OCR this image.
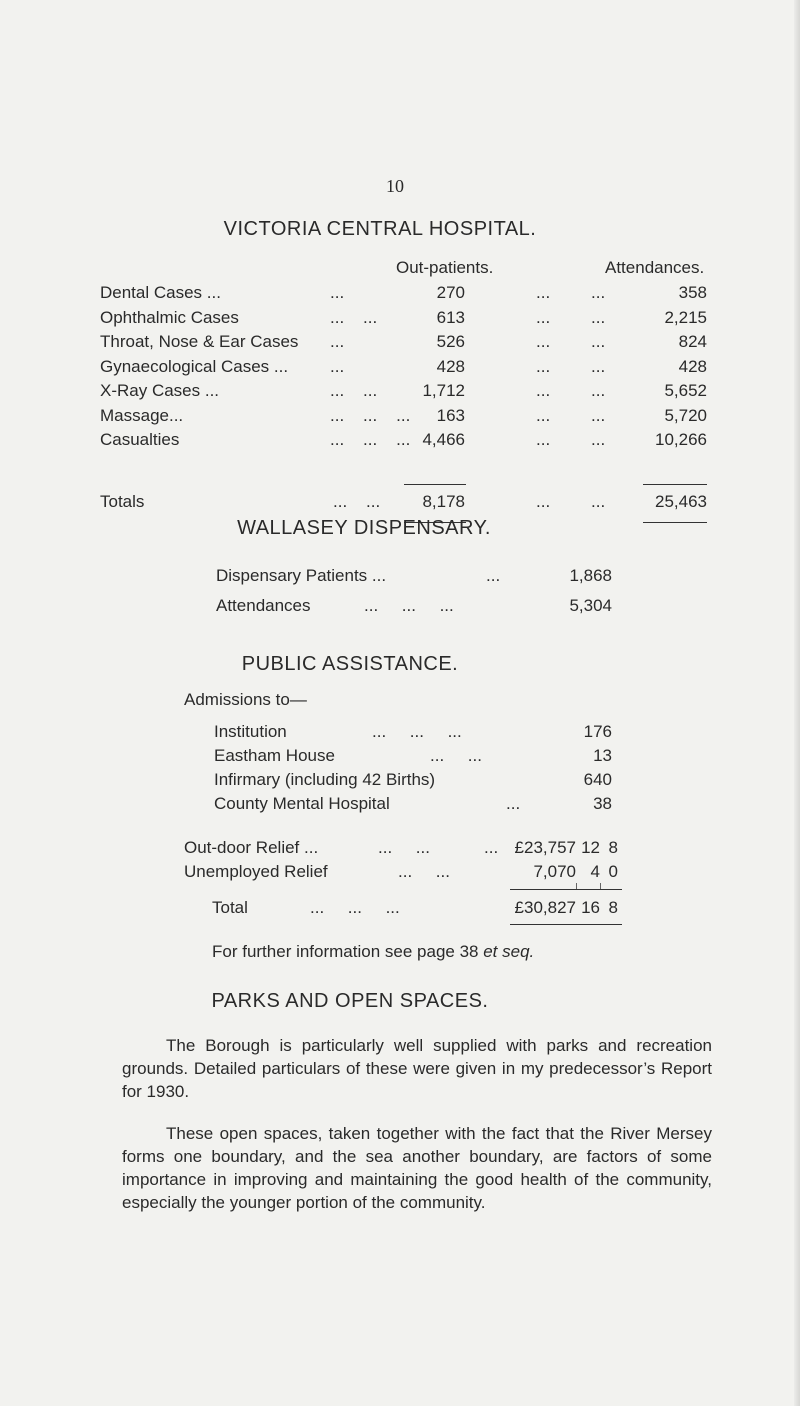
10
VICTORIA CENTRAL HOSPITAL.
Out-patients.	Attendances.
Dental Cases ...	...	270	... ...	358
Ophthalmic Cases	...    ...	613	... ...	2,215
Throat, Nose & Ear Cases ...	526	... ...	824
Gynaecological Cases ... ...	428	... ...	428
X-Ray Cases ...	...    ...	1,712	... ...	5,652
Massage...	...    ...    ...	163	... ...	5,720
Casualties	...    ...    ... 4,466	... ...	10,266
Totals	...    ...	8,178	... ...	25,463
WALLASEY DISPENSARY.
Dispensary Patients ...	...	1,868
Attendances	...     ...     ...	5,304
PUBLIC ASSISTANCE.
Admissions to—
Institution	...     ...     ...	176
Eastham House	...     ...	13
Infirmary (including 42 Births)	640
County Mental Hospital	...	38
Out-door Relief ...	...     ...	... £23,757 12 8
Unemployed Relief	...     ...	7,070 4 0
Total	...     ...     ...	£30,827 16 8
For further information see page 38 et seq.
PARKS AND OPEN SPACES.
The Borough is particularly well supplied with parks and recreation grounds. Detailed particulars of these were given in my predecessor’s Report for 1930.
These open spaces, taken together with the fact that the River Mersey forms one boundary, and the sea another boundary, are factors of some importance in improving and maintaining the good health of the community, especially the younger portion of the community.
